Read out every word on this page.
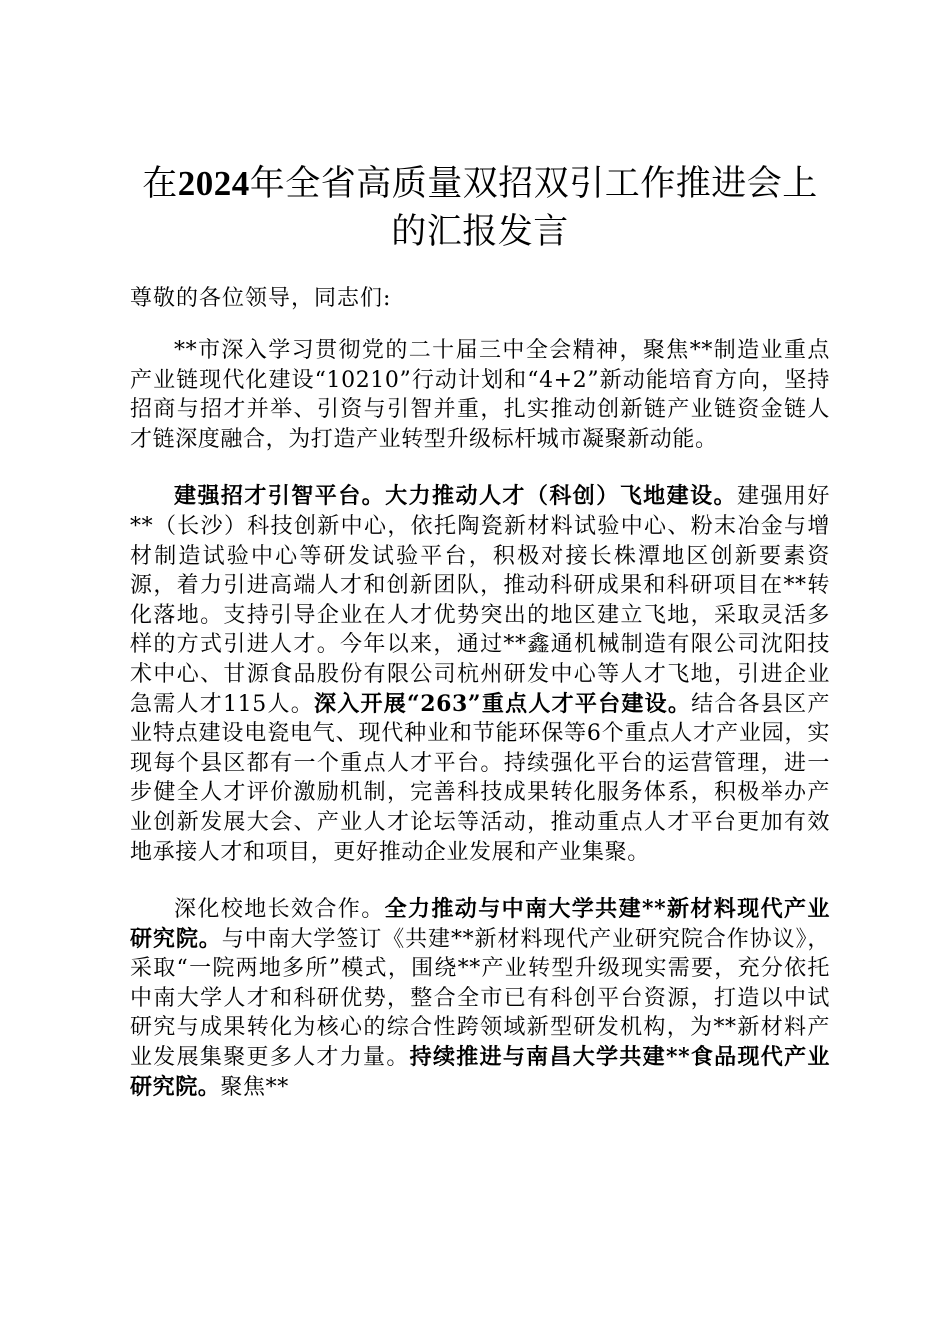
在2024年全省高质量双招双引工作推进会上的汇报发言

尊敬的各位领导，同志们:

**市深入学习贯彻党的二十届三中全会精神，聚焦**制造业重点产业链现代化建设“10210”行动计划和“4+2”新动能培育方向，坚持招商与招才并举、引资与引智并重，扎实推动创新链产业链资金链人才链深度融合，为打造产业转型升级标杆城市凝聚新动能。

建强招才引智平台。大力推动人才（科创）飞地建设。建强用好**（长沙）科技创新中心，依托陶瓷新材料试验中心、粉末冶金与增材制造试验中心等研发试验平台，积极对接长株潭地区创新要素资源，着力引进高端人才和创新团队，推动科研成果和科研项目在**转化落地。支持引导企业在人才优势突出的地区建立飞地，采取灵活多样的方式引进人才。今年以来，通过**鑫通机械制造有限公司沈阳技术中心、甘源食品股份有限公司杭州研发中心等人才飞地，引进企业急需人才115人。深入开展“263”重点人才平台建设。结合各县区产业特点建设电瓷电气、现代种业和节能环保等6个重点人才产业园，实现每个县区都有一个重点人才平台。持续强化平台的运营管理，进一步健全人才评价激励机制，完善科技成果转化服务体系，积极举办产业创新发展大会、产业人才论坛等活动，推动重点人才平台更加有效地承接人才和项目，更好推动企业发展和产业集聚。

深化校地长效合作。全力推动与中南大学共建**新材料现代产业研究院。与中南大学签订《共建**新材料现代产业研究院合作协议》，采取“一院两地多所”模式，围绕**产业转型升级现实需要，充分依托中南大学人才和科研优势，整合全市已有科创平台资源，打造以中试研究与成果转化为核心的综合性跨领域新型研发机构，为**新材料产业发展集聚更多人才力量。持续推进与南昌大学共建**食品现代产业研究院。聚焦**
